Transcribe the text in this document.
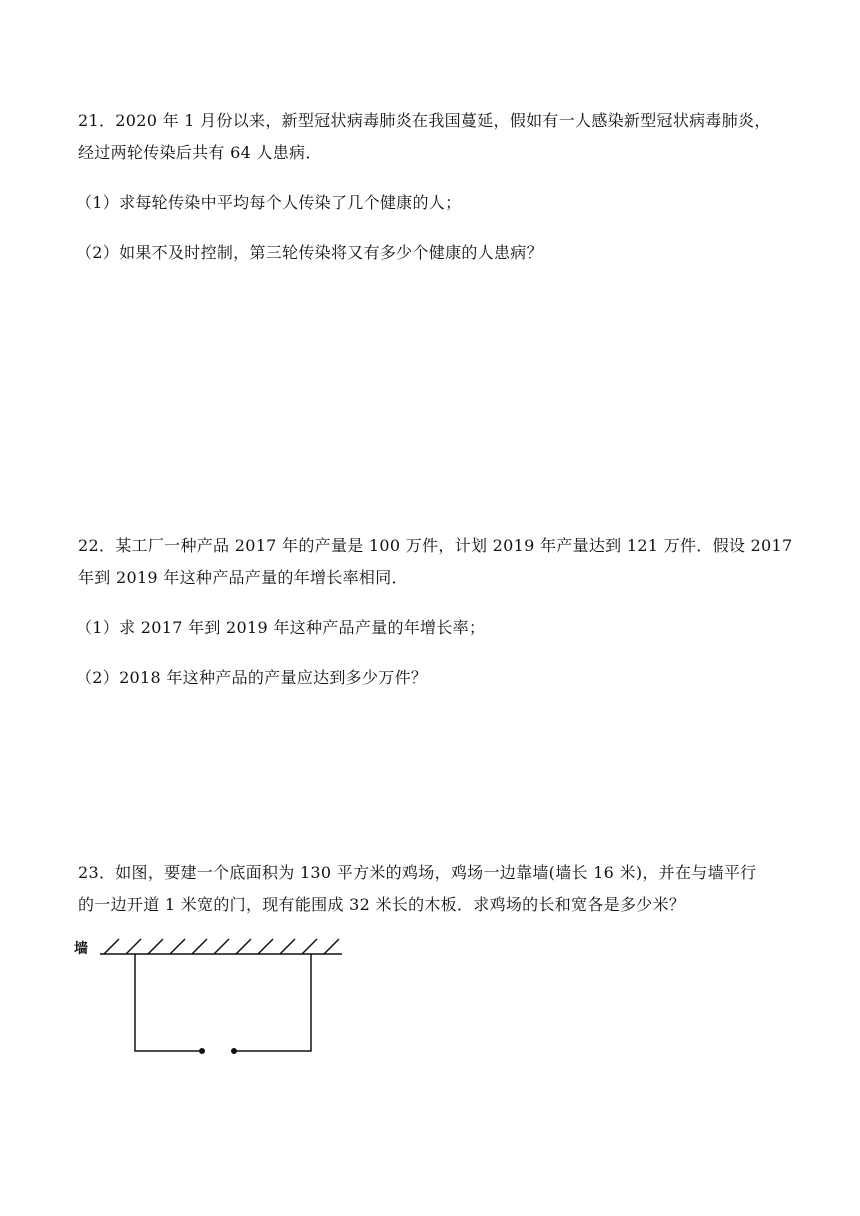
21．2020 年 1 月份以来，新型冠状病毒肺炎在我国蔓延，假如有一人感染新型冠状病毒肺炎，
经过两轮传染后共有 64 人患病．
（1）求每轮传染中平均每个人传染了几个健康的人；
（2）如果不及时控制，第三轮传染将又有多少个健康的人患病？
22．某工厂一种产品 2017 年的产量是 100 万件，计划 2019 年产量达到 121 万件．假设 2017
年到 2019 年这种产品产量的年增长率相同．
（1）求 2017 年到 2019 年这种产品产量的年增长率；
（2）2018 年这种产品的产量应达到多少万件？
23．如图，要建一个底面积为 130 平方米的鸡场，鸡场一边靠墙(墙长 16 米)，并在与墙平行
的一边开道 1 米宽的门，现有能围成 32 米长的木板．求鸡场的长和宽各是多少米？
墙
